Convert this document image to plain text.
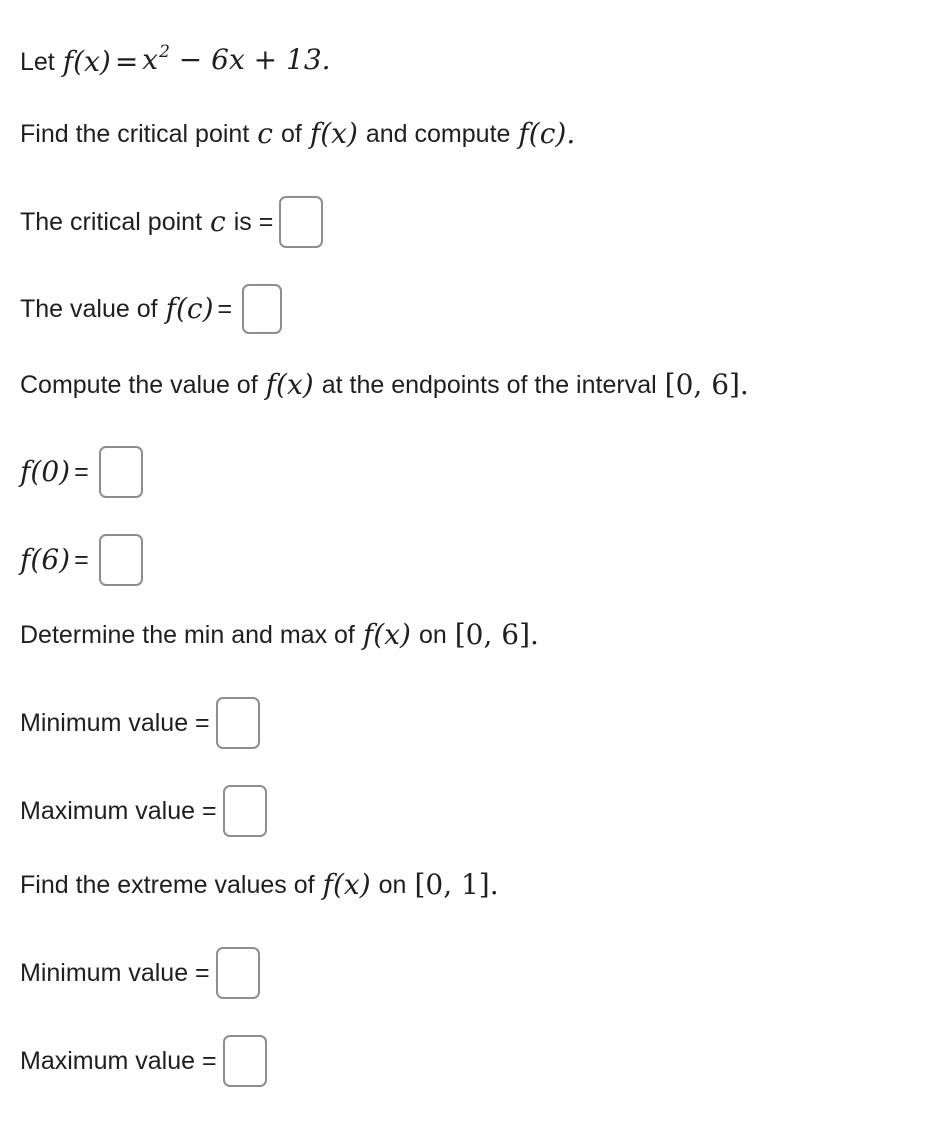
Let $f(x) = x^2 - 6x + 13$.
Find the critical point c of f(x) and compute f(c).
The critical point c is =
The value of f(c) =
Compute the value of f(x) at the endpoints of the interval [0, 6].
f(0) =
f(6) =
Determine the min and max of f(x) on [0, 6].
Minimum value =
Maximum value =
Find the extreme values of f(x) on [0, 1].
Minimum value =
Maximum value =
